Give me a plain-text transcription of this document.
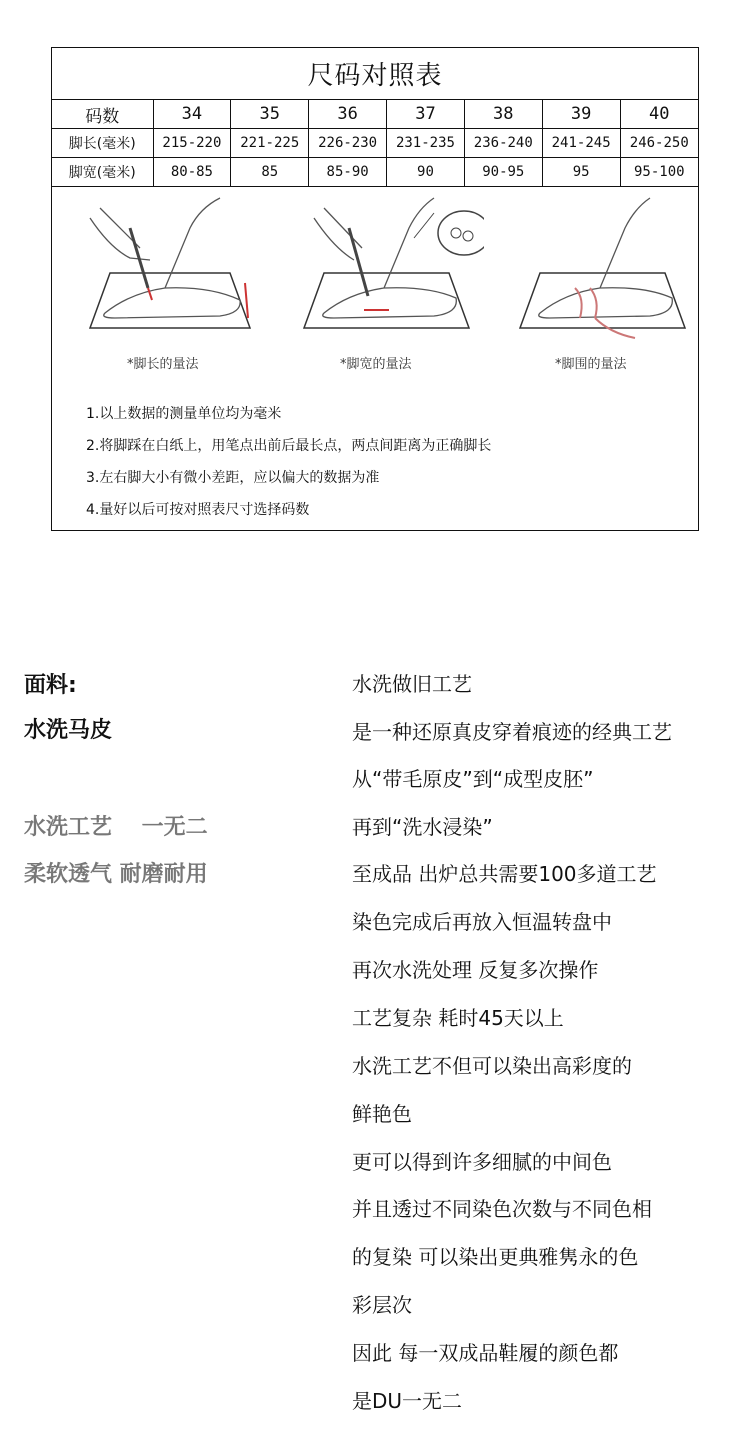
尺码对照表
码数	34	35	36	37	38	39	40
脚长(毫米)	215-220	221-225	226-230	231-235	236-240	241-245	246-250
脚宽(毫米)	80-85	85	85-90	90	90-95	95	95-100
*脚长的量法	*脚宽的量法	*脚围的量法
1.以上数据的测量单位均为毫米
2.将脚踩在白纸上，用笔点出前后最长点，两点间距离为正确脚长
3.左右脚大小有微小差距，应以偏大的数据为准
4.量好以后可按对照表尺寸选择码数
面料:
水洗马皮
水洗工艺　 一无二
柔软透气 耐磨耐用
水洗做旧工艺
是一种还原真皮穿着痕迹的经典工艺
从“带毛原皮”到“成型皮胚”
再到“洗水浸染”
至成品 出炉总共需要100多道工艺
染色完成后再放入恒温转盘中
再次水洗处理 反复多次操作
工艺复杂 耗时45天以上
水洗工艺不但可以染出高彩度的
鲜艳色
更可以得到许多细腻的中间色
并且透过不同染色次数与不同色相
的复染 可以染出更典雅隽永的色
彩层次
因此 每一双成品鞋履的颜色都
是DU一无二
